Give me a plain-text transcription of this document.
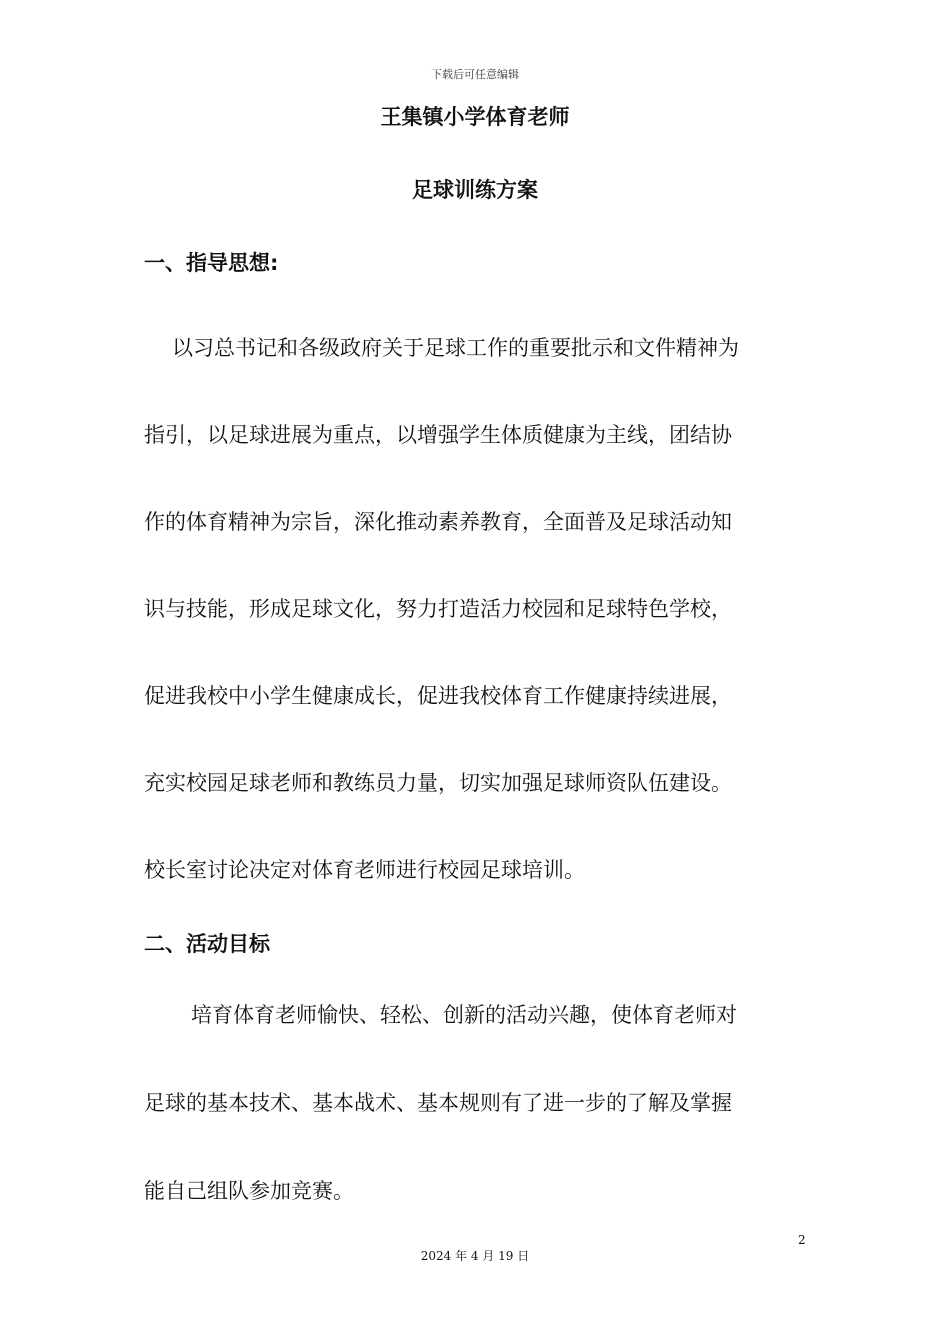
下载后可任意编辑
王集镇小学体育老师
足球训练方案
一、指导思想:
以习总书记和各级政府关于足球工作的重要批示和文件精神为
指引，以足球进展为重点，以增强学生体质健康为主线，团结协
作的体育精神为宗旨，深化推动素养教育，全面普及足球活动知
识与技能，形成足球文化，努力打造活力校园和足球特色学校，
促进我校中小学生健康成长，促进我校体育工作健康持续进展，
充实校园足球老师和教练员力量，切实加强足球师资队伍建设。
校长室讨论决定对体育老师进行校园足球培训。
二、活动目标
培育体育老师愉快、轻松、创新的活动兴趣，使体育老师对
足球的基本技术、基本战术、基本规则有了进一步的了解及掌握
能自己组队参加竞赛。
2
2024 年 4 月 19 日
